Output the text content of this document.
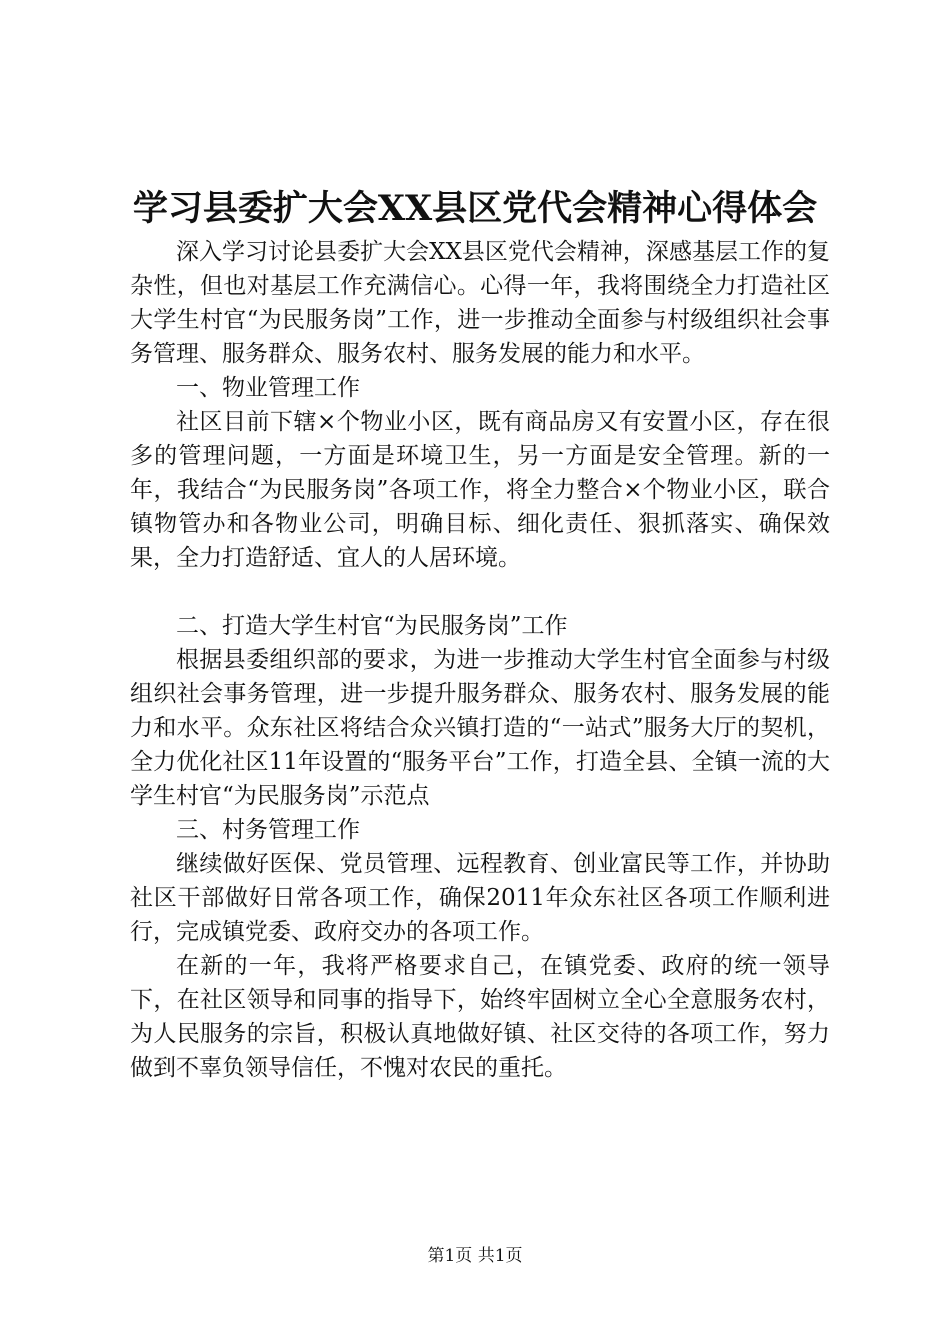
学习县委扩大会XX县区党代会精神心得体会

深入学习讨论县委扩大会XX县区党代会精神，深感基层工作的复杂性，但也对基层工作充满信心。心得一年，我将围绕全力打造社区大学生村官“为民服务岗”工作，进一步推动全面参与村级组织社会事务管理、服务群众、服务农村、服务发展的能力和水平。

一、物业管理工作

社区目前下辖×个物业小区，既有商品房又有安置小区，存在很多的管理问题，一方面是环境卫生，另一方面是安全管理。新的一年，我结合“为民服务岗”各项工作，将全力整合×个物业小区，联合镇物管办和各物业公司，明确目标、细化责任、狠抓落实、确保效果，全力打造舒适、宜人的人居环境。

二、打造大学生村官“为民服务岗”工作

根据县委组织部的要求，为进一步推动大学生村官全面参与村级组织社会事务管理，进一步提升服务群众、服务农村、服务发展的能力和水平。众东社区将结合众兴镇打造的“一站式”服务大厅的契机，全力优化社区11年设置的“服务平台”工作，打造全县、全镇一流的大学生村官“为民服务岗”示范点

三、村务管理工作

继续做好医保、党员管理、远程教育、创业富民等工作，并协助社区干部做好日常各项工作，确保2011年众东社区各项工作顺利进行，完成镇党委、政府交办的各项工作。

在新的一年，我将严格要求自己，在镇党委、政府的统一领导下，在社区领导和同事的指导下，始终牢固树立全心全意服务农村，为人民服务的宗旨，积极认真地做好镇、社区交待的各项工作，努力做到不辜负领导信任，不愧对农民的重托。

第1页 共1页
